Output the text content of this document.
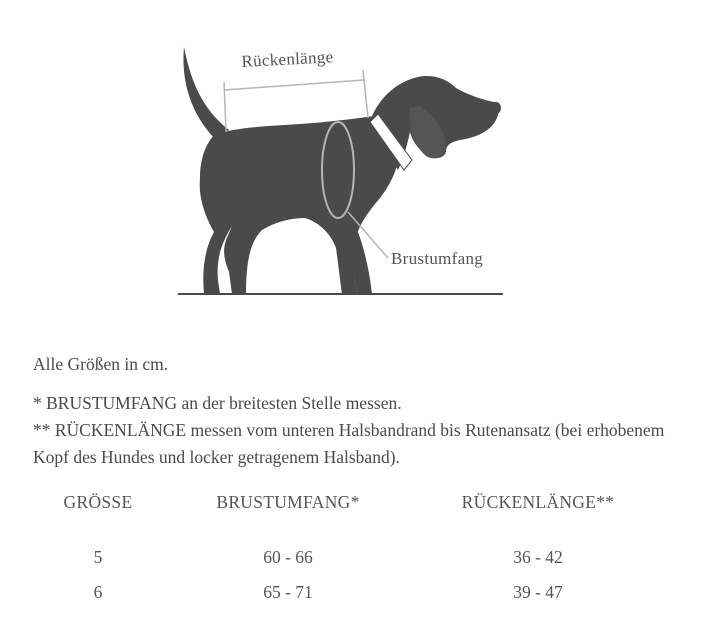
Rückenlänge
Brustumfang
Alle Größen in cm.
* BRUSTUMFANG an der breitesten Stelle messen.
** RÜCKENLÄNGE messen vom unteren Halsbandrand bis Rutenansatz (bei erhobenem Kopf des Hundes und locker getragenem Halsband).
GRÖSSE	BRUSTUMFANG*	RÜCKENLÄNGE**

5	60 - 66	36 - 42
6	65 - 71	39 - 47
